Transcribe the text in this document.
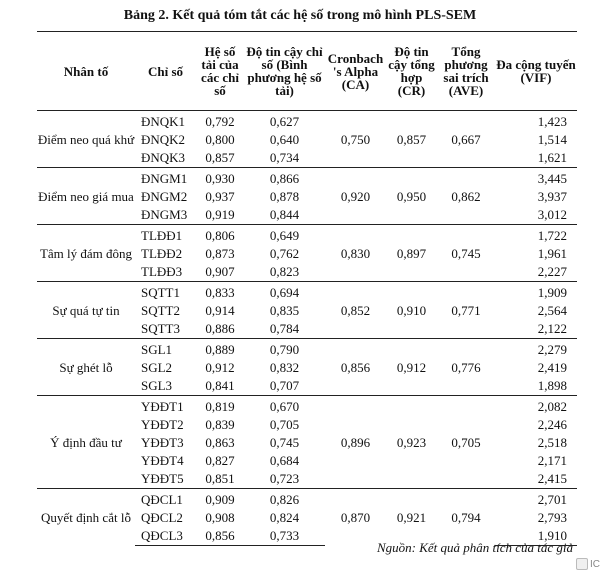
Bảng 2. Kết quả tóm tắt các hệ số trong mô hình PLS-SEM

Nhân tố	Chỉ số	Hệ số tải của các chỉ số	Độ tin cậy chỉ số (Bình phương hệ số tải)	Cronbach 's Alpha (CA)	Độ tin cậy tổng hợp (CR)	Tổng phương sai trích (AVE)	Đa cộng tuyến (VIF)
Điểm neo quá khứ	ĐNQK1	0,792	0,627	0,750	0,857	0,667	1,423
	ĐNQK2	0,800	0,640				1,514
	ĐNQK3	0,857	0,734				1,621
Điểm neo giá mua	ĐNGM1	0,930	0,866	0,920	0,950	0,862	3,445
	ĐNGM2	0,937	0,878				3,937
	ĐNGM3	0,919	0,844				3,012
Tâm lý đám đông	TLĐĐ1	0,806	0,649	0,830	0,897	0,745	1,722
	TLĐĐ2	0,873	0,762				1,961
	TLĐĐ3	0,907	0,823				2,227
Sự quá tự tin	SQTT1	0,833	0,694	0,852	0,910	0,771	1,909
	SQTT2	0,914	0,835				2,564
	SQTT3	0,886	0,784				2,122
Sự ghét lỗ	SGL1	0,889	0,790	0,856	0,912	0,776	2,279
	SGL2	0,912	0,832				2,419
	SGL3	0,841	0,707				1,898
Ý định đầu tư	YĐĐT1	0,819	0,670	0,896	0,923	0,705	2,082
	YĐĐT2	0,839	0,705				2,246
	YĐĐT3	0,863	0,745				2,518
	YĐĐT4	0,827	0,684				2,171
	YĐĐT5	0,851	0,723				2,415
Quyết định cắt lỗ	QĐCL1	0,909	0,826	0,870	0,921	0,794	2,701
	QĐCL2	0,908	0,824				2,793
	QĐCL3	0,856	0,733				1,910

Nguồn: Kết quả phân tích của tác giả

IC
